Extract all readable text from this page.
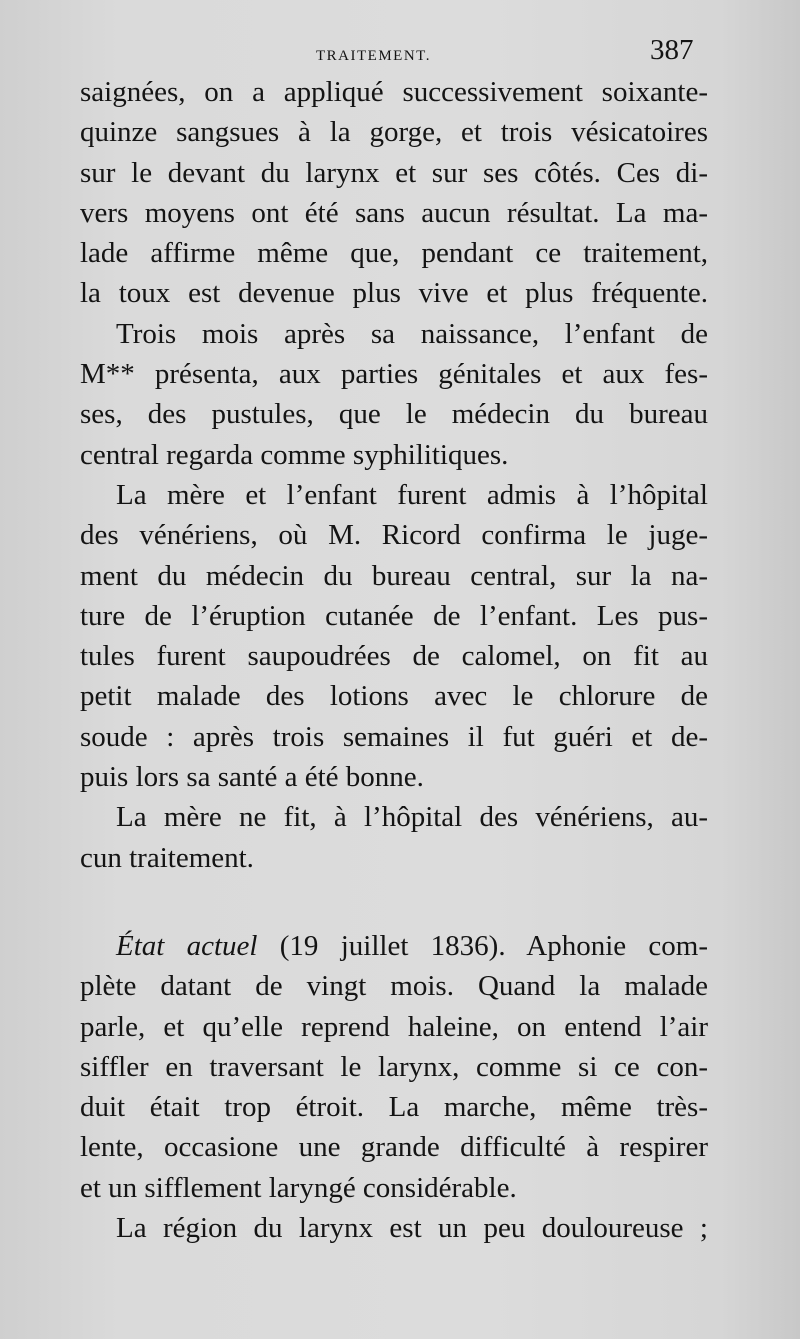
TRAITEMENT.	387
saignées, on a appliqué successivement soixante-
quinze sangsues à la gorge, et trois vésicatoires
sur le devant du larynx et sur ses côtés. Ces di-
vers moyens ont été sans aucun résultat. La ma-
lade affirme même que, pendant ce traitement,
la toux est devenue plus vive et plus fréquente.
Trois mois après sa naissance, l’enfant de
M** présenta, aux parties génitales et aux fes-
ses, des pustules, que le médecin du bureau
central regarda comme syphilitiques.
La mère et l’enfant furent admis à l’hôpital
des vénériens, où M. Ricord confirma le juge-
ment du médecin du bureau central, sur la na-
ture de l’éruption cutanée de l’enfant. Les pus-
tules furent saupoudrées de calomel, on fit au
petit malade des lotions avec le chlorure de
soude : après trois semaines il fut guéri et de-
puis lors sa santé a été bonne.
La mère ne fit, à l’hôpital des vénériens, au-
cun traitement.
État actuel (19 juillet 1836). Aphonie com-
plète datant de vingt mois. Quand la malade
parle, et qu’elle reprend haleine, on entend l’air
siffler en traversant le larynx, comme si ce con-
duit était trop étroit. La marche, même très-
lente, occasione une grande difficulté à respirer
et un sifflement laryngé considérable.
La région du larynx est un peu douloureuse ;
